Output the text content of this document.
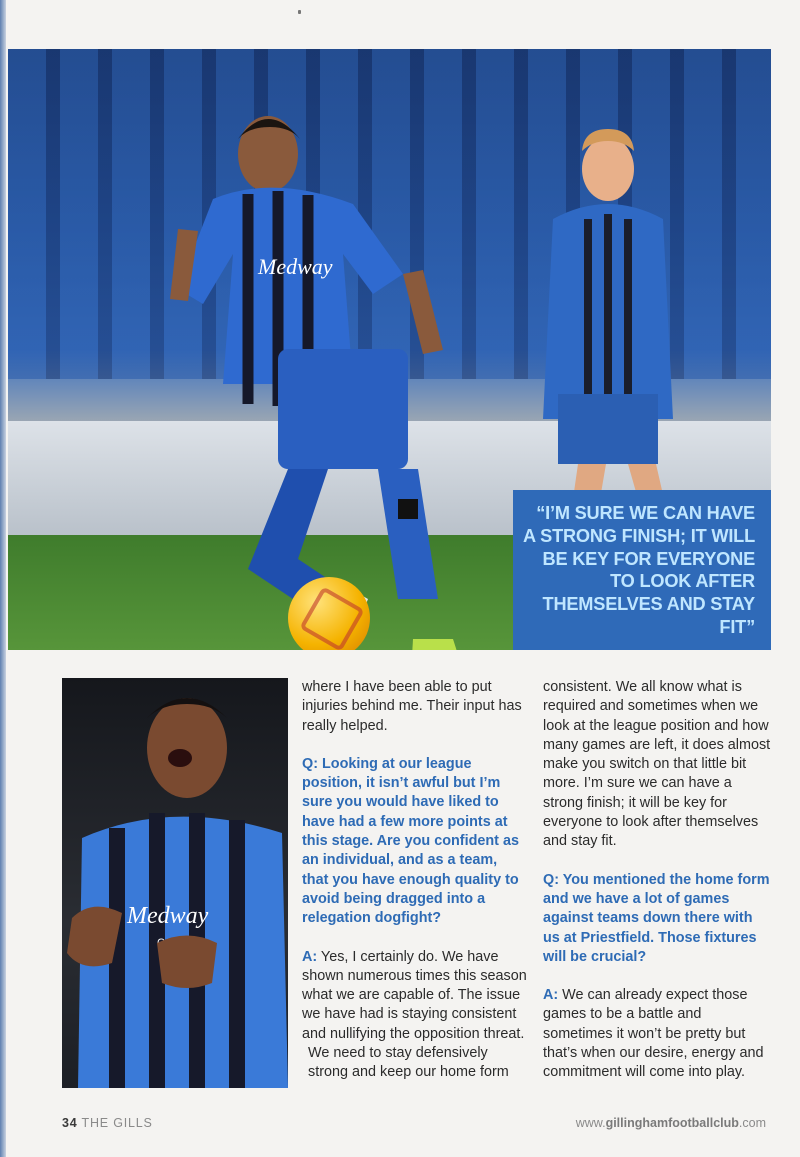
Medway
“I’M SURE WE CAN HAVE A STRONG FINISH; IT WILL BE KEY FOR EVERYONE TO LOOK AFTER THEMSELVES AND STAY FIT”
Medway

where I have been able to put injuries behind me. Their input has really helped.

Q: Looking at our league position, it isn’t awful but I’m sure you would have liked to have had a few more points at this stage. Are you confident as an individual, and as a team, that you have enough quality to avoid being dragged into a relegation dogfight?

A: Yes, I certainly do. We have shown numerous times this season what we are capable of. The issue we have had is staying consistent and nullifying the opposition threat.

We need to stay defensively strong and keep our home form

consistent. We all know what is required and sometimes when we look at the league position and how many games are left, it does almost make you switch on that little bit more. I’m sure we can have a strong finish; it will be key for everyone to look after themselves and stay fit.

Q: You mentioned the home form and we have a lot of games against teams down there with us at Priestfield. Those fixtures will be crucial?

A: We can already expect those games to be a battle and sometimes it won’t be pretty but that’s when our desire, energy and commitment will come into play.

34 THE GILLS	www.gillinghamfootballclub.com
